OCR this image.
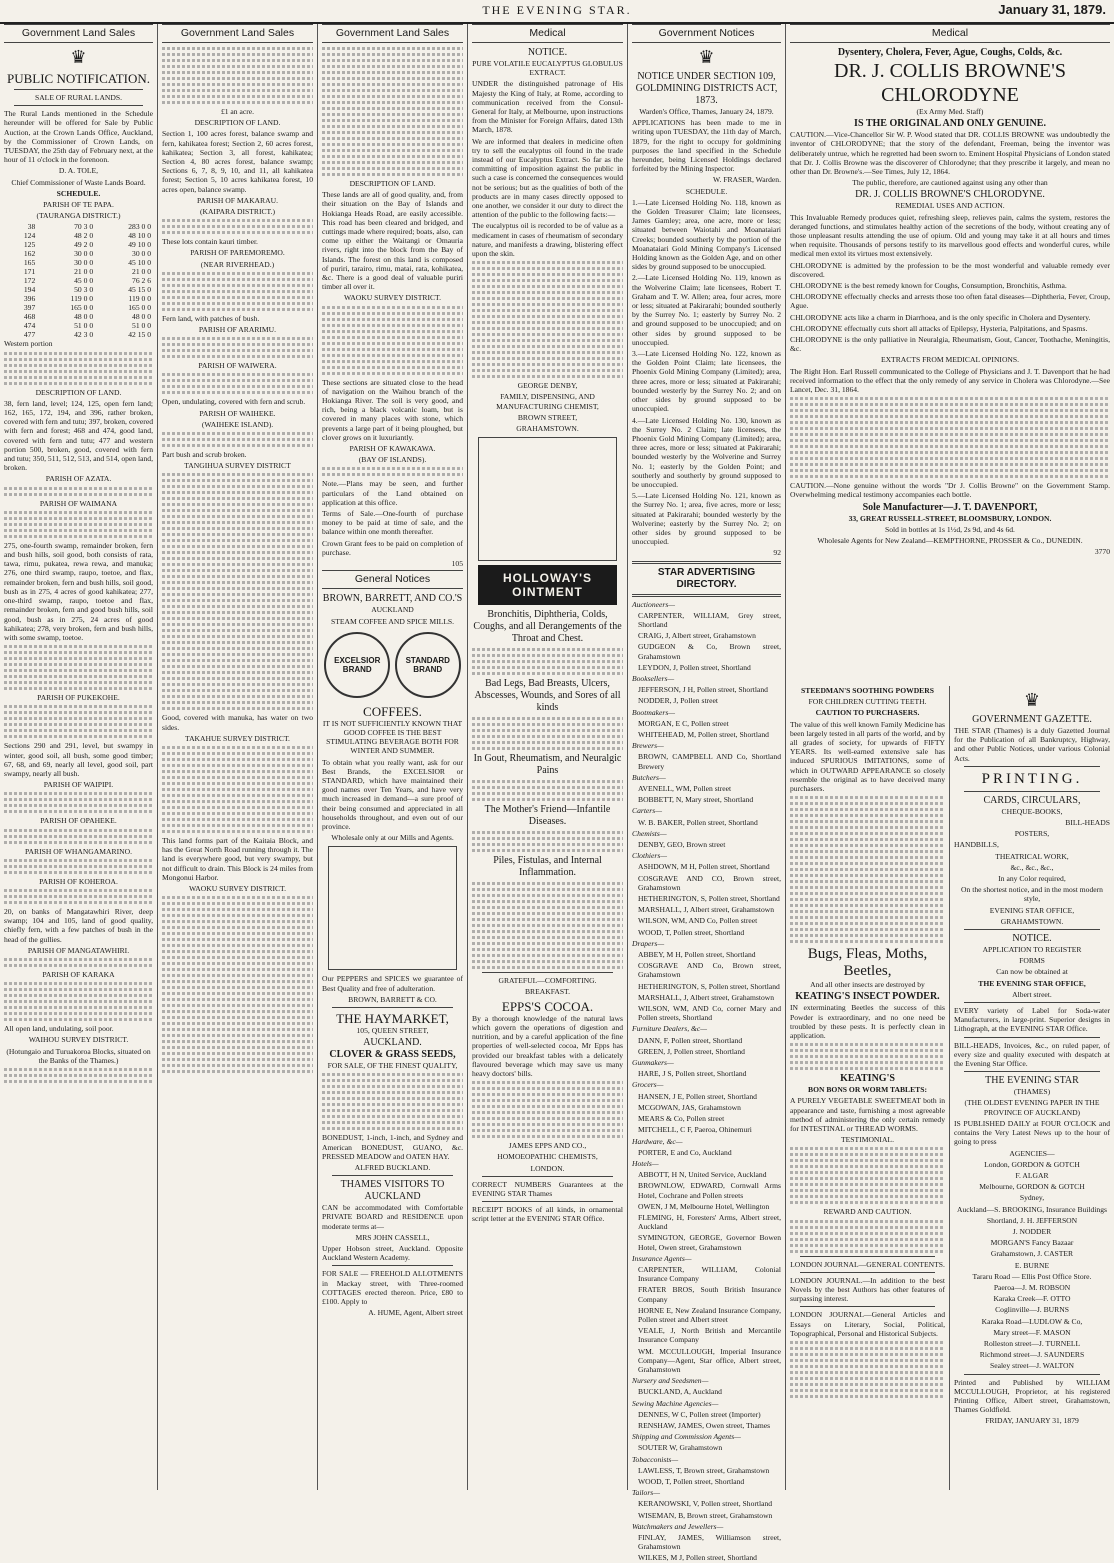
THE EVENING STAR.	January 31, 1879.
Government Land Sales
♛
PUBLIC NOTIFICATION.
SALE OF RURAL LANDS.

The Rural Lands mentioned in the Schedule hereunder will be offered for Sale by Public Auction, at the Crown Lands Office, Auckland, by the Commissioner of Crown Lands, on TUESDAY, the 25th day of February next, at the hour of 11 o'clock in the forenoon.

D. A. TOLE,
Chief Commissioner of Waste Lands Board.
SCHEDULE.
PARISH OF TE PAPA.
(TAURANGA DISTRICT.)
38	70 3 0	283 0 0
124	48 2 0	48 10 0
125	49 2 0	49 10 0
162	30 0 0	30 0 0
165	30 0 0	45 10 0
171	21 0 0	21 0 0
172	45 0 0	76 2 6
194	50 3 0	45 15 0
396	119 0 0	119 0 0
397	165 0 0	165 0 0
468	48 0 0	48 0 0
474	51 0 0	51 0 0
477	42 3 0	42 15 0
Western portion
DESCRIPTION OF LAND.

38, fern land, level; 124, 125, open fern land; 162, 165, 172, 194, and 396, rather broken, covered with fern and tutu; 397, broken, covered with fern and forest; 468 and 474, good land, covered with fern and tutu; 477 and western portion 500, broken, good, covered with fern and tutu; 350, 511, 512, 513, and 514, open land, broken.

PARISH OF AZATA.
PARISH OF WAIMANA

275, one-fourth swamp, remainder broken, fern and bush hills, soil good, both consists of rata, tawa, rimu, pukatea, rewa rewa, and manuka; 276, one third swamp, raupo, toetoe, and flax, remainder broken, fern and bush hills, soil good, bush as in 275, 4 acres of good kahikatea; 277, one-third swamp, raupo, toetoe and flax, remainder broken, fern and good bush hills, soil good, bush as in 275, 24 acres of good kahikatea; 278, very broken, fern and bush hills, with some swamp, toetoe.

PARISH OF PUKEKOHE.

Sections 290 and 291, level, but swampy in winter, good soil, all bush, some good timber; 67, 68, and 69, nearly all level, good soil, part swampy, nearly all bush.

PARISH OF WAIPIPI.
PARISH OF OPAHEKE.
PARISH OF WHANGAMARINO.
PARISH OF KOHEROA.

20, on banks of Mangatawhiri River, deep swamp; 104 and 105, land of good quality, chiefly fern, with a few patches of bush in the head of the gullies.

PARISH OF MANGATAWHIRI.
PARISH OF KARAKA

All open land, undulating, soil poor.

WAIHOU SURVEY DISTRICT.
(Hotungaio and Turuakoroa Blocks, situated on the Banks of the Thames.)
Government Land Sales
£1 an acre.
DESCRIPTION OF LAND.

Section 1, 100 acres forest, balance swamp and fern, kahikatea forest; Section 2, 60 acres forest, kahikatea; Section 3, all forest, kahikatea; Section 4, 80 acres forest, balance swamp; Sections 6, 7, 8, 9, 10, and 11, all kahikatea forest; Section 5, 10 acres kahikatea forest, 10 acres open, balance swamp.

PARISH OF MAKARAU.
(KAIPARA DISTRICT.)

These lots contain kauri timber.

PARISH OF PAREMOREMO.
(NEAR RIVERHEAD.)

Fern land, with patches of bush.

PARISH OF ARARIMU.
PARISH OF WAIWERA.

Open, undulating, covered with fern and scrub.

PARISH OF WAIHEKE.
(WAIHEKE ISLAND).

Part bush and scrub broken.

TANGIHUA SURVEY DISTRICT

Good, covered with manuka, has water on two sides.

TAKAHUE SURVEY DISTRICT.

This land forms part of the Kaitaia Block, and has the Great North Road running through it. The land is everywhere good, but very swampy, but not difficult to drain. This Block is 24 miles from Mongonui Harbor.

WAOKU SURVEY DISTRICT.
Government Land Sales
DESCRIPTION OF LAND.

These lands are all of good quality, and, from their situation on the Bay of Islands and Hokianga Heads Road, are easily accessible. This road has been cleared and bridged, and cuttings made where required; boats, also, can come up either the Waitangi or Omauria rivers, right into the block from the Bay of Islands. The forest on this land is composed of puriri, tarairo, rimu, matai, rata, kohikatea, &c. There is a good deal of valuable puriri timber all over it.

WAOKU SURVEY DISTRICT.

These sections are situated close to the head of navigation on the Waihou branch of the Hokianga River. The soil is very good, and rich, being a black volcanic loam, but is covered in many places with stone, which prevents a large part of it being ploughed, but clover grows on it luxuriantly.

PARISH OF KAWAKAWA.
(BAY OF ISLANDS).

Note.—Plans may be seen, and further particulars of the Land obtained on application at this office.

Terms of Sale.—One-fourth of purchase money to be paid at time of sale, and the balance within one month thereafter.

Crown Grant fees to be paid on completion of purchase.

105
General Notices
BROWN, BARRETT, AND CO.'S
AUCKLAND
STEAM COFFEE AND SPICE MILLS.
EXCELSIOR BRAND
STANDARD BRAND
COFFEES.

IT IS NOT SUFFICIENTLY KNOWN THAT GOOD COFFEE IS THE BEST STIMULATING BEVERAGE BOTH FOR WINTER AND SUMMER.

To obtain what you really want, ask for our Best Brands, the EXCELSIOR or STANDARD, which have maintained their good names over Ten Years, and have very much increased in demand—a sure proof of their being consumed and appreciated in all households throughout, and even out of our province.

Wholesale only at our Mills and Agents.

Our PEPPERS and SPICES we guarantee of Best Quality and free of adulteration.

BROWN, BARRETT & CO.
THE HAYMARKET,
105, QUEEN STREET,
AUCKLAND.
CLOVER & GRASS SEEDS,
FOR SALE, OF THE FINEST QUALITY,

BONEDUST, 1-inch, 1-inch, and Sydney and American BONEDUST, GUANO, &c. PRESSED MEADOW and OATEN HAY.

ALFRED BUCKLAND.
THAMES VISITORS TO AUCKLAND

CAN be accommodated with Comfortable PRIVATE BOARD and RESIDENCE upon moderate terms at—

MRS JOHN CASSELL,

Upper Hobson street, Auckland. Opposite Auckland Western Academy.

FOR SALE — FREEHOLD ALLOTMENTS in Mackay street, with Three-roomed COTTAGES erected thereon. Price, £80 to £100. Apply to

A. HUME, Agent, Albert street
Medical
NOTICE.
PURE VOLATILE EUCALYPTUS GLOBULUS EXTRACT.

UNDER the distinguished patronage of His Majesty the King of Italy, at Rome, according to communication received from the Consul-General for Italy, at Melbourne, upon instructions from the Minister for Foreign Affairs, dated 13th March, 1878.

We are informed that dealers in medicine often try to sell the eucalyptus oil found in the trade instead of our Eucalyptus Extract. So far as the committing of imposition against the public in such a case is concerned the consequences would not be serious; but as the qualities of both of the products are in many cases directly opposed to one another, we consider it our duty to direct the attention of the public to the following facts:—

The eucalyptus oil is recorded to be of value as a medicament in cases of rheumatism of secondary nature, and manifests a drawing, blistering effect upon the skin.

GEORGE DENBY,
FAMILY, DISPENSING, AND MANUFACTURING CHEMIST,
BROWN STREET,
GRAHAMSTOWN.
HOLLOWAY'S OINTMENT
Bronchitis, Diphtheria, Colds, Coughs, and all Derangements of the Throat and Chest.
Bad Legs, Bad Breasts, Ulcers, Abscesses, Wounds, and Sores of all kinds
In Gout, Rheumatism, and Neuralgic Pains
The Mother's Friend—Infantile Diseases.
Piles, Fistulas, and Internal Inflammation.
GRATEFUL—COMFORTING.
BREAKFAST.
EPPS'S COCOA.

By a thorough knowledge of the natural laws which govern the operations of digestion and nutrition, and by a careful application of the fine properties of well-selected cocoa, Mr Epps has provided our breakfast tables with a delicately flavoured beverage which may save us many heavy doctors' bills.

JAMES EPPS AND CO.,
HOMOEOPATHIC CHEMISTS,
LONDON.

CORRECT NUMBERS Guarantees at the EVENING STAR Thames

RECEIPT BOOKS of all kinds, in ornamental script letter at the EVENING STAR Office.

Government Notices
♛
NOTICE UNDER SECTION 109, GOLDMINING DISTRICTS ACT, 1873.
Warden's Office, Thames, January 24, 1879.

APPLICATIONS has been made to me in writing upon TUESDAY, the 11th day of March, 1879, for the right to occupy for goldmining purposes the land specified in the Schedule hereunder, being Licensed Holdings declared forfeited by the Mining Inspector.

W. FRASER, Warden.
SCHEDULE.

1.—Late Licensed Holding No. 118, known as the Golden Treasurer Claim; late licensees, James Gamley; area, one acre, more or less; situated between Waiotahi and Moanataiari Creeks; bounded southerly by the portion of the Moanataiari Gold Mining Company's Licensed Holding known as the Golden Age, and on other sides by ground supposed to be unoccupied.

2.—Late Licensed Holding No. 119, known as the Wolverine Claim; late licensees, Robert T. Graham and T. W. Allen; area, four acres, more or less; situated at Pakirarahi; bounded southerly by the Surrey No. 1; easterly by Surrey No. 2 and ground supposed to be unoccupied; and on other sides by ground supposed to be unoccupied.

3.—Late Licensed Holding No. 122, known as the Golden Point Claim; late licensees, the Phoenix Gold Mining Company (Limited); area, three acres, more or less; situated at Pakirarahi; bounded westerly by the Surrey No. 2; and on other sides by ground supposed to be unoccupied.

4.—Late Licensed Holding No. 130, known as the Surrey No. 2 Claim; late licensees, the Phoenix Gold Mining Company (Limited); area, three acres, more or less; situated at Pakirarahi; bounded westerly by the Wolverine and Surrey No. 1; easterly by the Golden Point; and southerly and southerly by ground supposed to be unoccupied.

5.—Late Licensed Holding No. 121, known as the Surrey No. 1; area, five acres, more or less; situated at Pakirarahi; bounded westerly by the Wolverine; easterly by the Surrey No. 2; on other sides by ground supposed to be unoccupied.

92
STAR ADVERTISING DIRECTORY.
Auctioneers—
CARPENTER, WILLIAM, Grey street, Shortland
CRAIG, J, Albert street, Grahamstown
GUDGEON & Co, Brown street, Grahamstown
LEYDON, J, Pollen street, Shortland
Booksellers—
JEFFERSON, J H, Pollen street, Shortland
NODDER, J, Pollen street
Bootmakers—
MORGAN, E C, Pollen street
WHITEHEAD, M, Pollen street, Shortland
Brewers—
BROWN, CAMPBELL AND Co, Shortland Brewery
Butchers—
AVENELL, WM, Pollen street
BOBBETT, N, Mary street, Shortland
Carters—
W. B. BAKER, Pollen street, Shortland
Chemists—
DENBY, GEO, Brown street
Clothiers—
ASHDOWN, M H, Pollen street, Shortland
COSGRAVE AND CO, Brown street, Grahamstown
HETHERINGTON, S, Pollen street, Shortland
MARSHALL, J, Albert street, Grahamstown
WILSON, WM, AND Co, Pollen street
WOOD, T, Pollen street, Shortland
Drapers—
ABBEY, M H, Pollen street, Shortland
COSGRAVE AND Co, Brown street, Grahamstown
HETHERINGTON, S, Pollen street, Shortland
MARSHALL, J, Albert street, Grahamstown
WILSON, WM, AND Co, corner Mary and Pollen streets, Shortland
Furniture Dealers, &c—
DANN, F, Pollen street, Shortland
GREEN, J, Pollen street, Shortland
Gunmakers—
HARE, J S, Pollen street, Shortland
Grocers—
HANSEN, J E, Pollen street, Shortland
MCGOWAN, JAS, Grahamstown
MEARS & Co, Pollen street
MITCHELL, C F, Paeroa, Ohinemuri
Hardware, &c—
PORTER, E and Co, Auckland
Hotels—
ABBOTT, H N, United Service, Auckland
BROWNLOW, EDWARD, Cornwall Arms Hotel, Cochrane and Pollen streets
OWEN, J M, Melbourne Hotel, Wellington
FLEMING, H, Foresters' Arms, Albert street, Auckland
SYMINGTON, GEORGE, Governor Bowen Hotel, Owen street, Grahamstown
Insurance Agents—
CARPENTER, WILLIAM, Colonial Insurance Company
FRATER BROS, South British Insurance Company
HORNE E, New Zealand Insurance Company, Pollen street and Albert street
VEALE, J, North British and Mercantile Insurance Company
WM. MCCULLOUGH, Imperial Insurance Company—Agent, Star office, Albert street, Grahamstown
Nursery and Seedsmen—
BUCKLAND, A, Auckland
Sewing Machine Agencies—
DENNES, W C, Pollen street (Importer)
RENSHAW, JAMES, Owen street, Thames
Shipping and Commission Agents—
SOUTER W, Grahamstown
Tobacconists—
LAWLESS, T, Brown street, Grahamstown
WOOD, T, Pollen street, Shortland
Tailors—
KERANOWSKI, V, Pollen street, Shortland
WISEMAN, B, Brown street, Grahamstown
Watchmakers and Jewellers—
FINLAY, JAMES, Williamson street, Grahamstown
WILKES, M J, Pollen street, Shortland
Medical
Dysentery, Cholera, Fever, Ague, Coughs, Colds, &c.
DR. J. COLLIS BROWNE'S CHLORODYNE
(Ex Army Med. Staff)
IS THE ORIGINAL AND ONLY GENUINE.

CAUTION.—Vice-Chancellor Sir W. P. Wood stated that DR. COLLIS BROWNE was undoubtedly the inventor of CHLORODYNE; that the story of the defendant, Freeman, being the inventor was deliberately untrue, which he regretted had been sworn to. Eminent Hospital Physicians of London stated that Dr. J. Collis Browne was the discoverer of Chlorodyne; that they prescribe it largely, and mean no other than Dr. Browne's.—See Times, July 12, 1864.

The public, therefore, are cautioned against using any other than

DR. J. COLLIS BROWNE'S CHLORODYNE.
REMEDIAL USES AND ACTION.

This Invaluable Remedy produces quiet, refreshing sleep, relieves pain, calms the system, restores the deranged functions, and stimulates healthy action of the secretions of the body, without creating any of those unpleasant results attending the use of opium. Old and young may take it at all hours and times when requisite. Thousands of persons testify to its marvellous good effects and wonderful cures, while medical men extol its virtues most extensively.

CHLORODYNE is admitted by the profession to be the most wonderful and valuable remedy ever discovered.

CHLORODYNE is the best remedy known for Coughs, Consumption, Bronchitis, Asthma.

CHLORODYNE effectually checks and arrests those too often fatal diseases—Diphtheria, Fever, Croup, Ague.

CHLORODYNE acts like a charm in Diarrhoea, and is the only specific in Cholera and Dysentery.

CHLORODYNE effectually cuts short all attacks of Epilepsy, Hysteria, Palpitations, and Spasms.

CHLORODYNE is the only palliative in Neuralgia, Rheumatism, Gout, Cancer, Toothache, Meningitis, &c.

EXTRACTS FROM MEDICAL OPINIONS.

The Right Hon. Earl Russell communicated to the College of Physicians and J. T. Davenport that he had received information to the effect that the only remedy of any service in Cholera was Chlorodyne.—See Lancet, Dec. 31, 1864.

CAUTION.—None genuine without the words "Dr J. Collis Browne" on the Government Stamp. Overwhelming medical testimony accompanies each bottle.

Sole Manufacturer—J. T. DAVENPORT,
33, GREAT RUSSELL-STREET, BLOOMSBURY, LONDON.
Sold in bottles at 1s 1½d, 2s 9d, and 4s 6d.
Wholesale Agents for New Zealand—KEMPTHORNE, PROSSER & Co., DUNEDIN.
3770
STEEDMAN'S SOOTHING POWDERS
FOR CHILDREN CUTTING TEETH.
CAUTION TO PURCHASERS.

The value of this well known Family Medicine has been largely tested in all parts of the world, and by all grades of society, for upwards of FIFTY YEARS. Its well-earned extensive sale has induced SPURIOUS IMITATIONS, some of which in OUTWARD APPEARANCE so closely resemble the original as to have deceived many purchasers.

Bugs, Fleas, Moths, Beetles,
And all other insects are destroyed by
KEATING'S INSECT POWDER.

IN exterminating Beetles the success of this Powder is extraordinary, and no one need be troubled by these pests. It is perfectly clean in application.

KEATING'S
BON BONS OR WORM TABLETS:

A PURELY VEGETABLE SWEETMEAT both in appearance and taste, furnishing a most agreeable method of administering the only certain remedy for INTESTINAL or THREAD WORMS.

TESTIMONIAL.
REWARD AND CAUTION.
LONDON JOURNAL—GENERAL CONTENTS.

LONDON JOURNAL.—In addition to the best Novels by the best Authors has other features of surpassing interest.

LONDON JOURNAL—General Articles and Essays on Literary, Social, Political, Topographical, Personal and Historical Subjects.

♛
GOVERNMENT GAZETTE.

THE STAR (Thames) is a duly Gazetted Journal for the Publication of all Bankruptcy, Highway, and other Public Notices, under various Colonial Acts.

PRINTING.
CARDS, CIRCULARS,
CHEQUE-BOOKS,
BILL-HEADS
POSTERS,
HANDBILLS,
THEATRICAL WORK,
&c., &c., &c.,
In any Color required,
On the shortest notice, and in the most modern style,
EVENING STAR OFFICE,
GRAHAMSTOWN.
NOTICE.
APPLICATION TO REGISTER
FORMS
Can now be obtained at
THE EVENING STAR OFFICE,
Albert street.

EVERY variety of Label for Soda-water Manufacturers, in large-print. Superior designs in Lithograph, at the EVENING STAR Office.

BILL-HEADS, Invoices, &c., on ruled paper, of every size and quality executed with despatch at the Evening Star Office.

THE EVENING STAR
(THAMES)
(THE OLDEST EVENING PAPER IN THE PROVINCE OF AUCKLAND)

IS PUBLISHED DAILY at FOUR O'CLOCK and contains the Very Latest News up to the hour of going to press

AGENCIES—
London, GORDON & GOTCH
F. ALGAR
Melbourne, GORDON & GOTCH
Sydney,
Auckland—S. BROOKING, Insurance Buildings
Shortland, J. H. JEFFERSON
J. NODDER
MORGAN'S Fancy Bazaar
Grahamstown, J. CASTER
E. BURNE
Tararu Road — Ellis Post Office Store.
Paeroa—J. M. ROBSON
Karaka Creek—F. OTTO
Coglinville—J. BURNS
Karaka Road—LUDLOW & Co,
Mary street—F. MASON
Rolleston street—J. TURNELL
Richmond street—J. SAUNDERS
Sealey street—J. WALTON

Printed and Published by WILLIAM MCCULLOUGH, Proprietor, at his registered Printing Office, Albert street, Grahamstown, Thames Goldfield.

FRIDAY, JANUARY 31, 1879
